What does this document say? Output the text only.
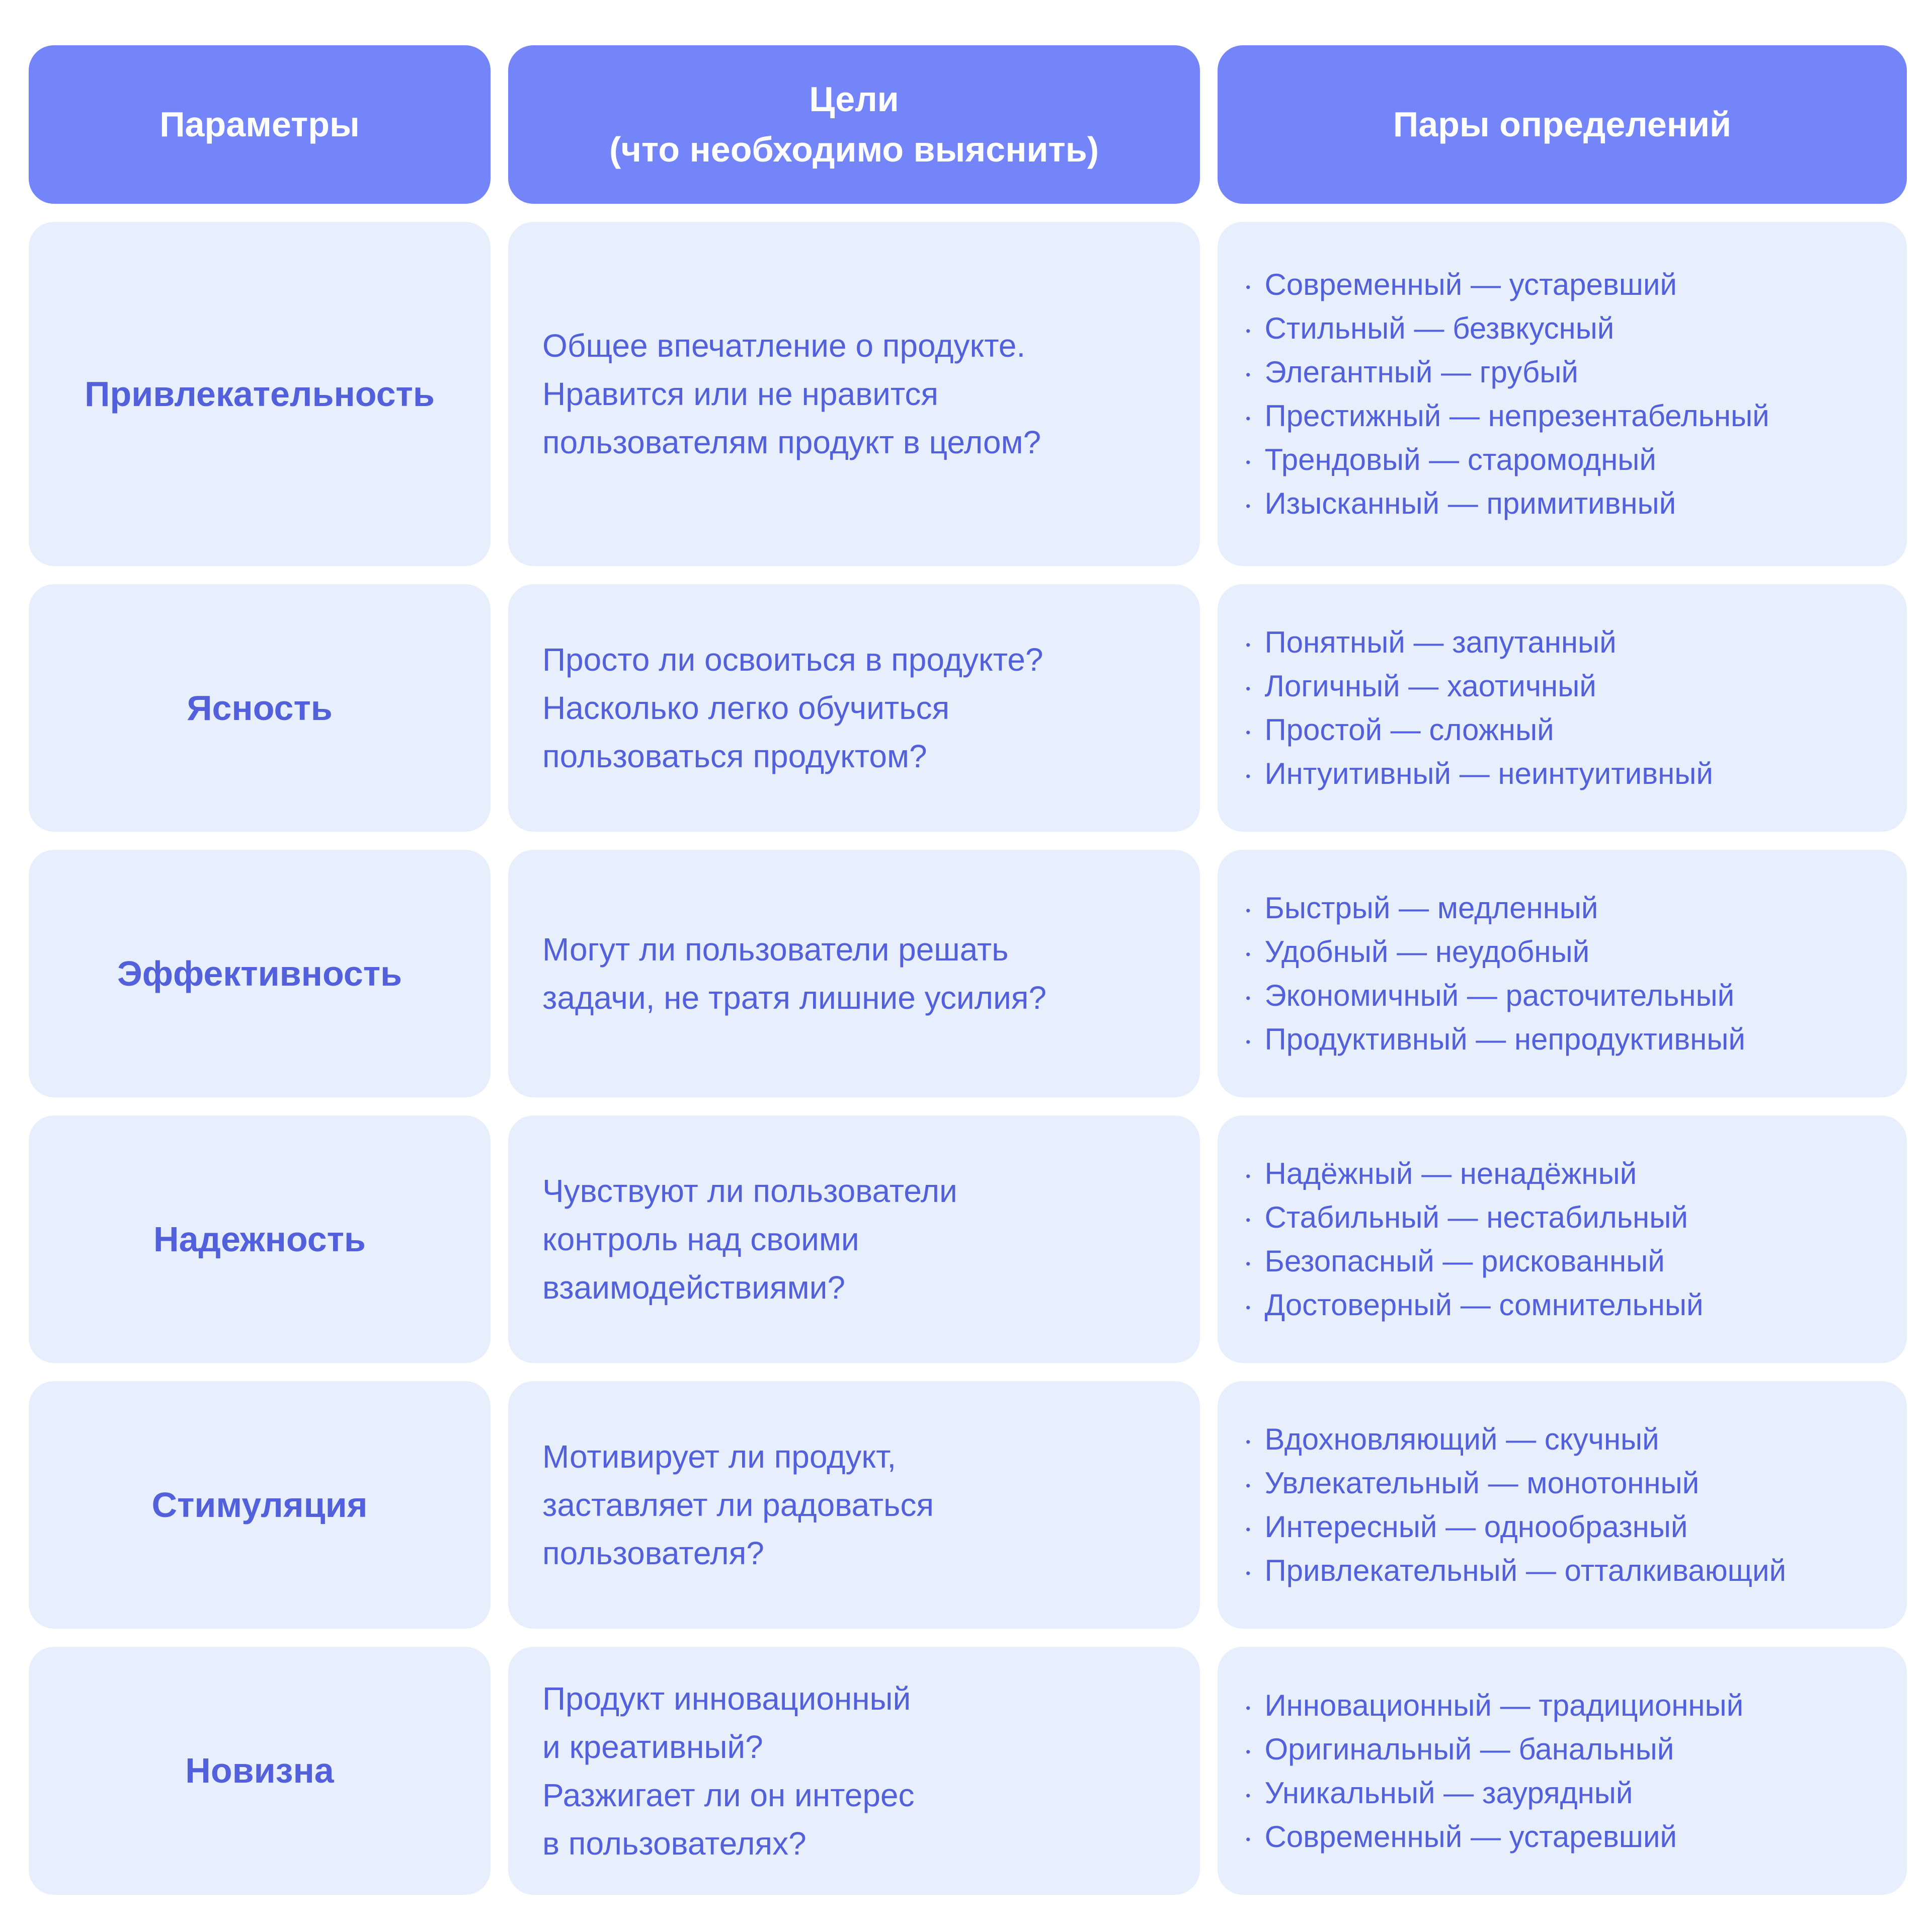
Параметры
Цели
(что необходимо выяснить)
Пары определений
Привлекательность
Общее впечатление о продукте.
Нравится или не нравится
пользователям продукт в целом?
• Современный — устаревший
• Стильный — безвкусный
• Элегантный — грубый
• Престижный — непрезентабельный
• Трендовый — старомодный
• Изысканный — примитивный
Ясность
Просто ли освоиться в продукте?
Насколько легко обучиться
пользоваться продуктом?
• Понятный — запутанный
• Логичный — хаотичный
• Простой — сложный
• Интуитивный — неинтуитивный
Эффективность
Могут ли пользователи решать
задачи, не тратя лишние усилия?
• Быстрый — медленный
• Удобный — неудобный
• Экономичный — расточительный
• Продуктивный — непродуктивный
Надежность
Чувствуют ли пользователи
контроль над своими
взаимодействиями?
• Надёжный — ненадёжный
• Стабильный — нестабильный
• Безопасный — рискованный
• Достоверный — сомнительный
Стимуляция
Мотивирует ли продукт,
заставляет ли радоваться
пользователя?
• Вдохновляющий — скучный
• Увлекательный — монотонный
• Интересный — однообразный
• Привлекательный — отталкивающий
Новизна
Продукт инновационный
и креативный?
Разжигает ли он интерес
в пользователях?
• Инновационный — традиционный
• Оригинальный — банальный
• Уникальный — заурядный
• Современный — устаревший
